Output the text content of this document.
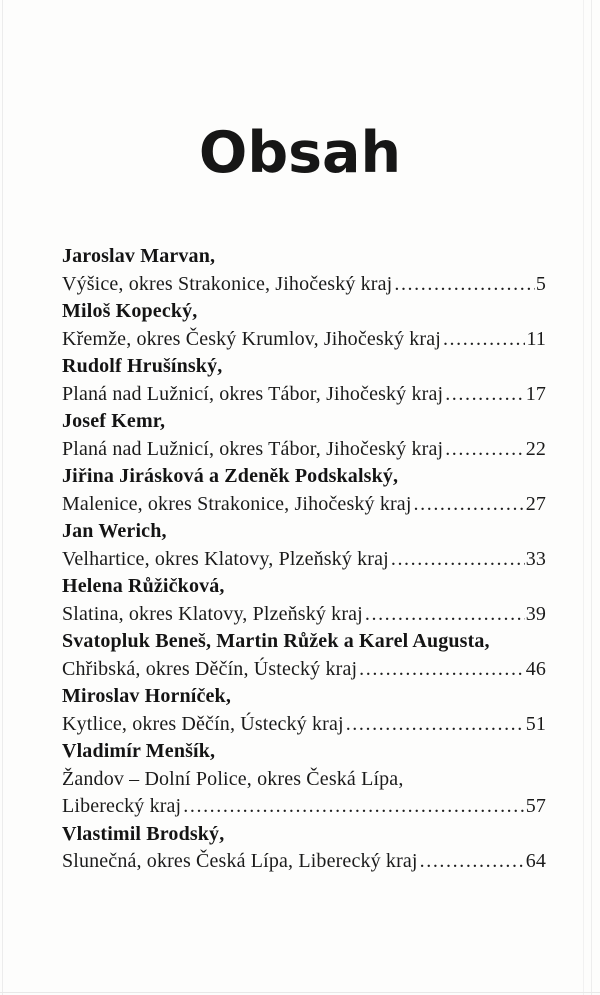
Obsah
Jaroslav Marvan,
Výšice, okres Strakonice, Jihočeský kraj .....	5
Miloš Kopecký,
Křemže, okres Český Krumlov, Jihočeský kraj .....	11
Rudolf Hrušínský,
Planá nad Lužnicí, okres Tábor, Jihočeský kraj .....	17
Josef Kemr,
Planá nad Lužnicí, okres Tábor, Jihočeský kraj .....	22
Jiřina Jirásková a Zdeněk Podskalský,
Malenice, okres Strakonice, Jihočeský kraj .....	27
Jan Werich,
Velhartice, okres Klatovy, Plzeňský kraj .....	33
Helena Růžičková,
Slatina, okres Klatovy, Plzeňský kraj .....	39
Svatopluk Beneš, Martin Růžek a Karel Augusta,
Chřibská, okres Děčín, Ústecký kraj .....	46
Miroslav Horníček,
Kytlice, okres Děčín, Ústecký kraj .....	51
Vladimír Menšík,
Žandov – Dolní Police, okres Česká Lípa,
Liberecký kraj .....	57
Vlastimil Brodský,
Slunečná, okres Česká Lípa, Liberecký kraj .....	64
